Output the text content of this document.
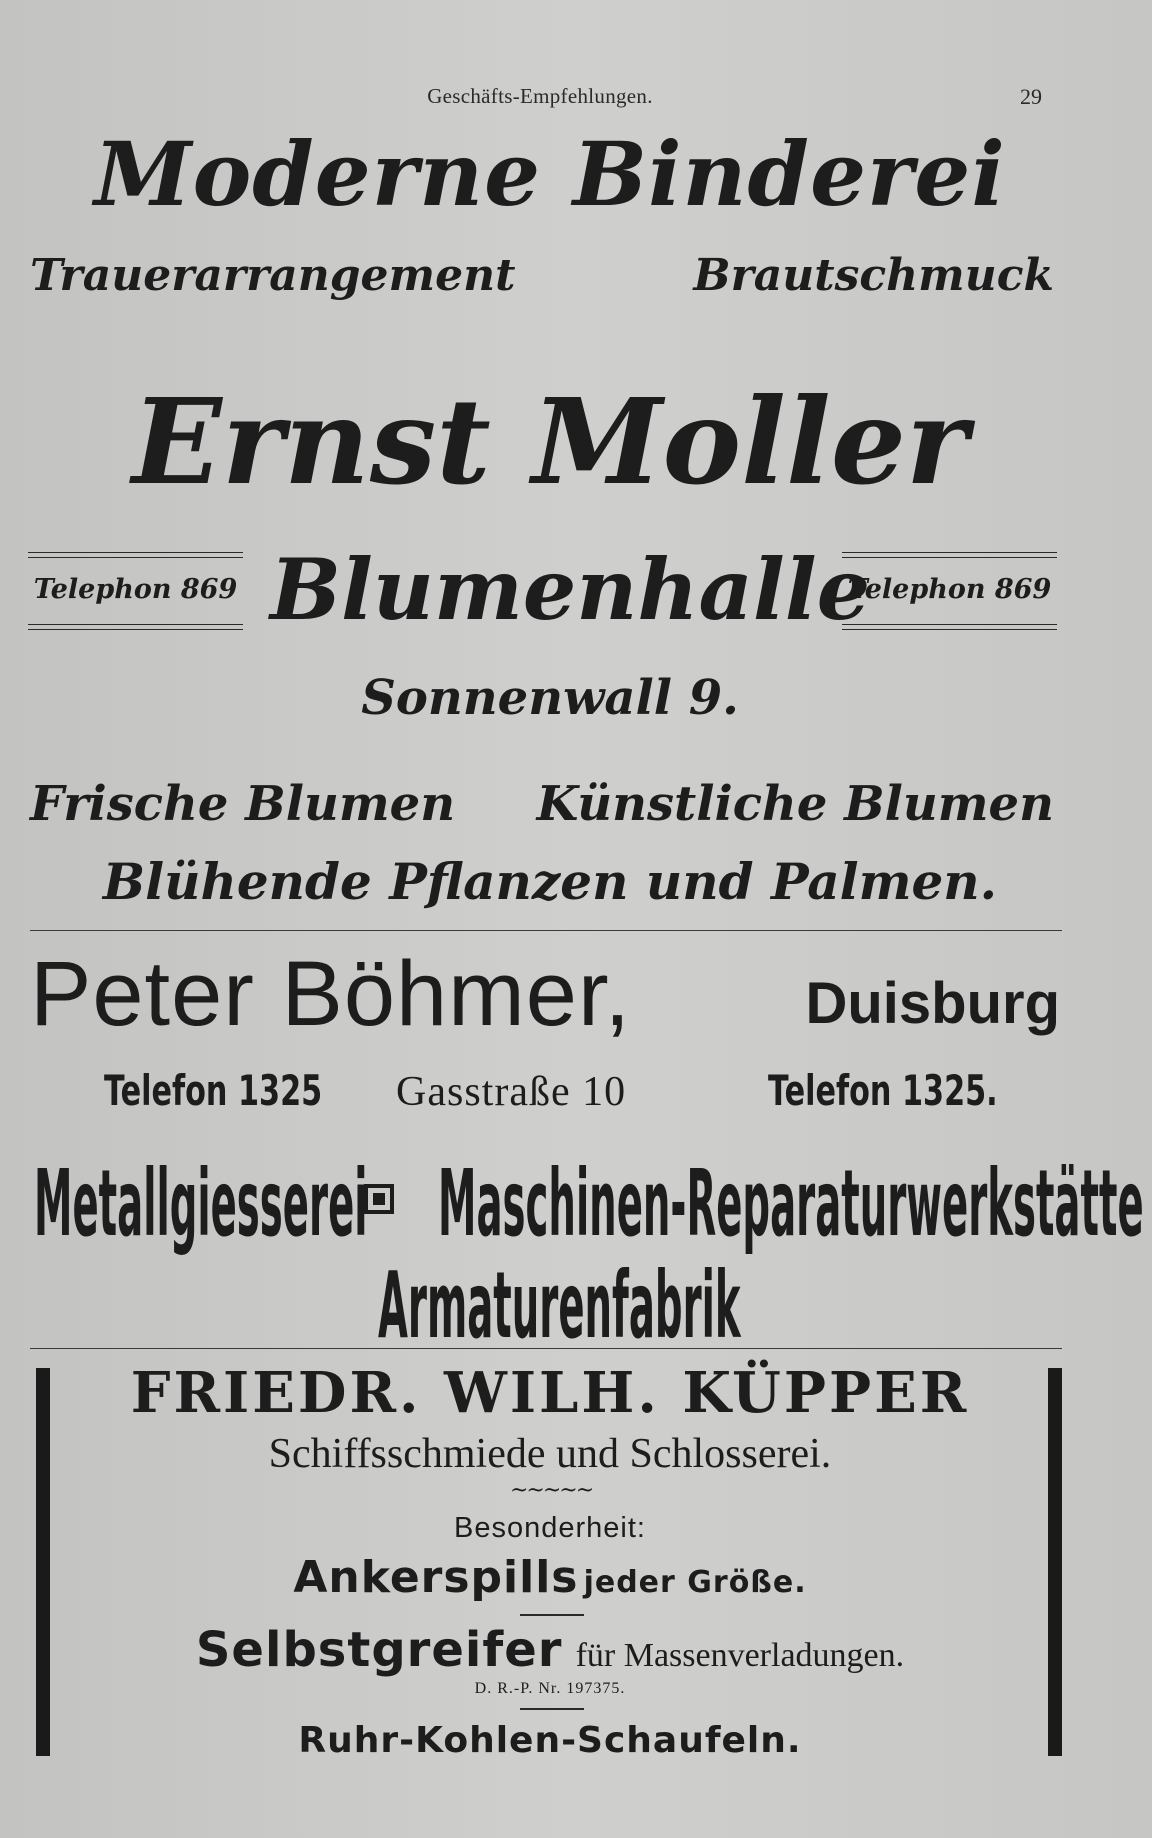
Geschäfts-Empfehlungen.	29
Moderne Binderei
Trauerarrangement	Brautschmuck
Ernst Moller
Telephon 869 Blumenhalle
Telephon 869
Sonnenwall 9.
Frische Blumen Künstliche Blumen
Blühende Pflanzen und Palmen.
Peter Böhmer,	Duisburg
Telefon 1325 Gasstraße 10	Telefon 1325.
Metallgiesserei Maschinen-Reparaturwerkstätte
Armaturenfabrik
FRIEDR. WILH. KÜPPER
Schiffsschmiede und Schlosserei.
~~~~~
Besonderheit:
Ankerspills jeder Größe.
Selbstgreifer für Massenverladungen.
D. R.-P. Nr. 197375.
Ruhr-Kohlen-Schaufeln.
